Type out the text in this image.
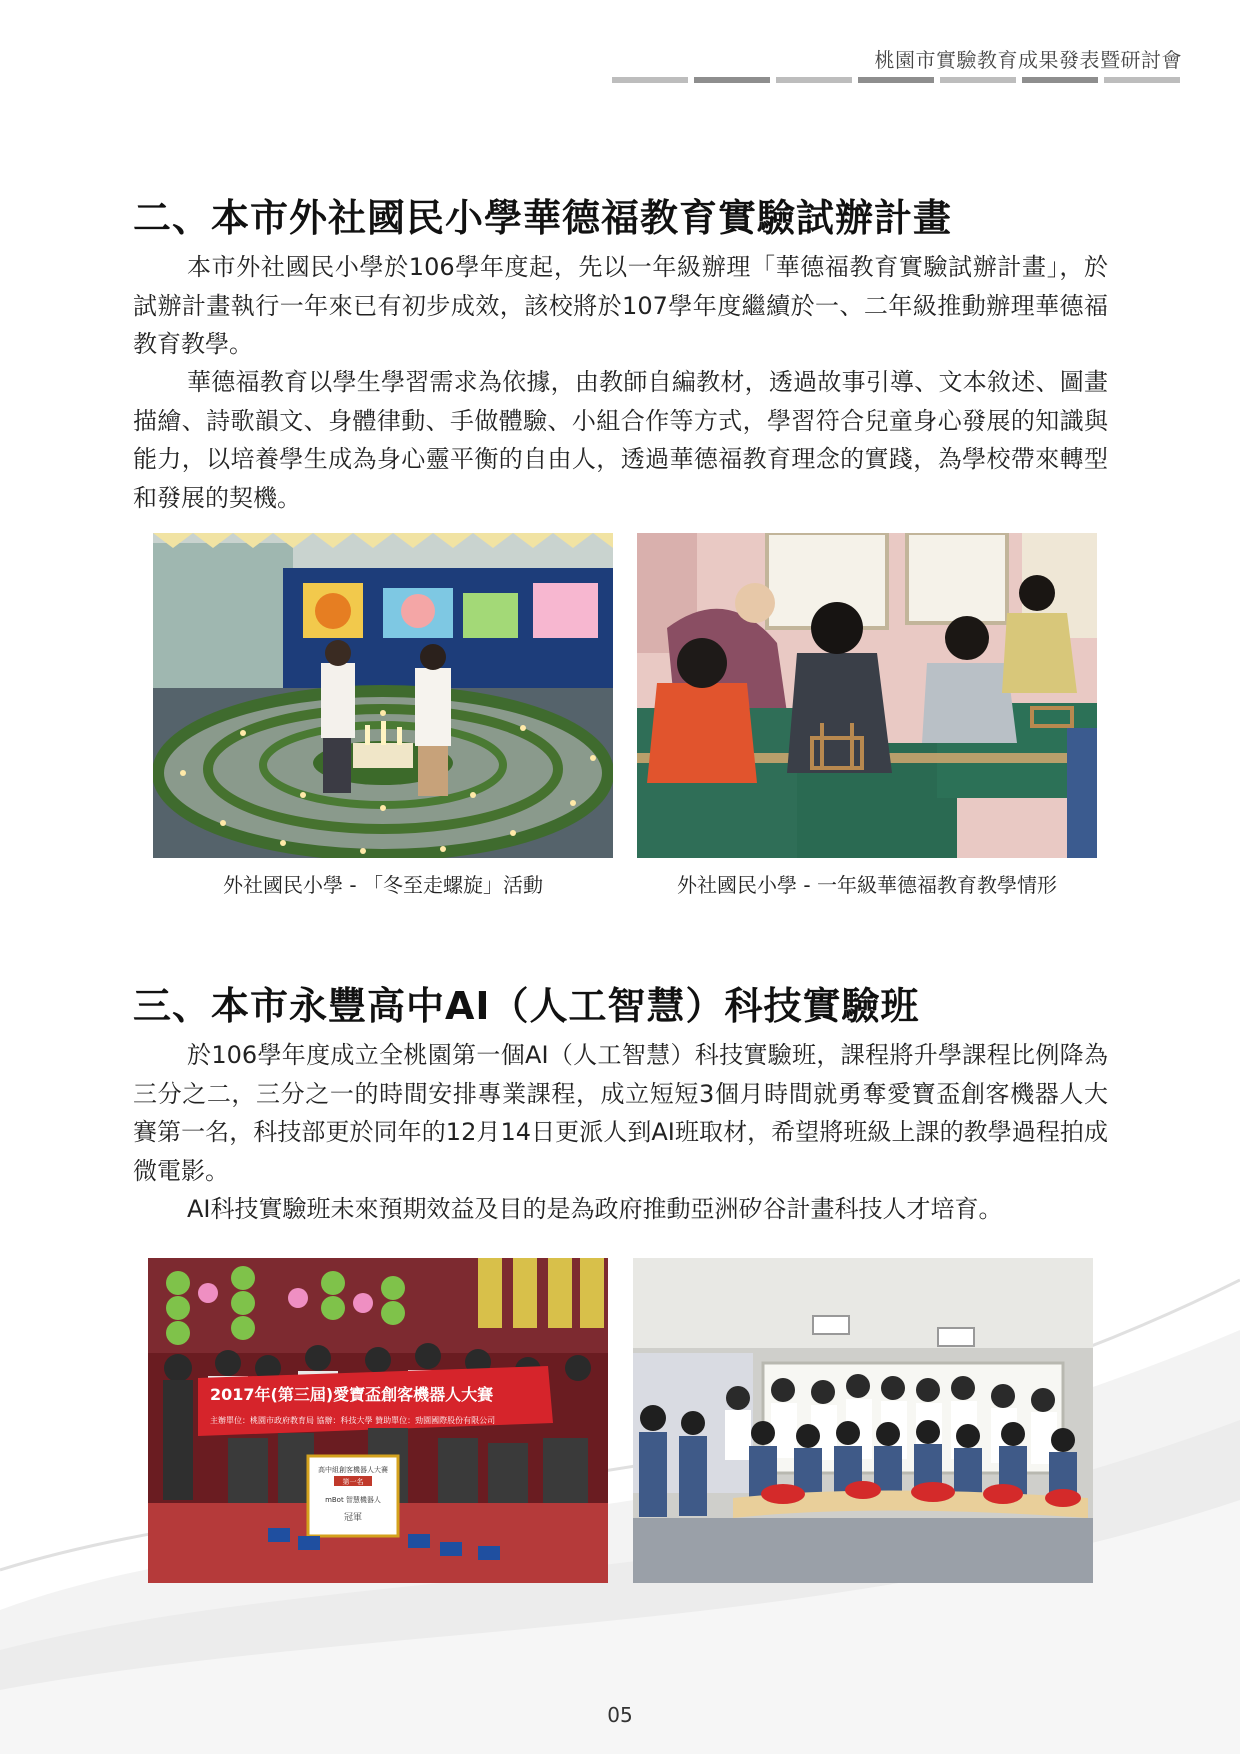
桃園市實驗教育成果發表暨研討會
二、本市外社國民小學華德福教育實驗試辦計畫

本市外社國民小學於106學年度起，先以一年級辦理「華德福教育實驗試辦計畫」，於試辦計畫執行一年來已有初步成效，該校將於107學年度繼續於一、二年級推動辦理華德福教育教學。

華德福教育以學生學習需求為依據，由教師自編教材，透過故事引導、文本敘述、圖畫描繪、詩歌韻文、身體律動、手做體驗、小組合作等方式，學習符合兒童身心發展的知識與能力，以培養學生成為身心靈平衡的自由人，透過華德福教育理念的實踐，為學校帶來轉型和發展的契機。

外社國民小學 - 「冬至走螺旋」活動	外社國民小學 - 一年級華德福教育教學情形
三、本市永豐高中AI（人工智慧）科技實驗班

於106學年度成立全桃園第一個AI（人工智慧）科技實驗班，課程將升學課程比例降為三分之二，三分之一的時間安排專業課程，成立短短3個月時間就勇奪愛寶盃創客機器人大賽第一名，科技部更於同年的12月14日更派人到AI班取材，希望將班級上課的教學過程拍成微電影。

AI科技實驗班未來預期效益及目的是為政府推動亞洲矽谷計畫科技人才培育。

2017年(第三屆)愛寶盃創客機器人大賽
主辦單位：桃園市政府教育局 協辦：科技大學 贊助單位：勁園國際股份有限公司
高中組創客機器人大賽
第一名
mBot 智慧機器人
冠軍
05
